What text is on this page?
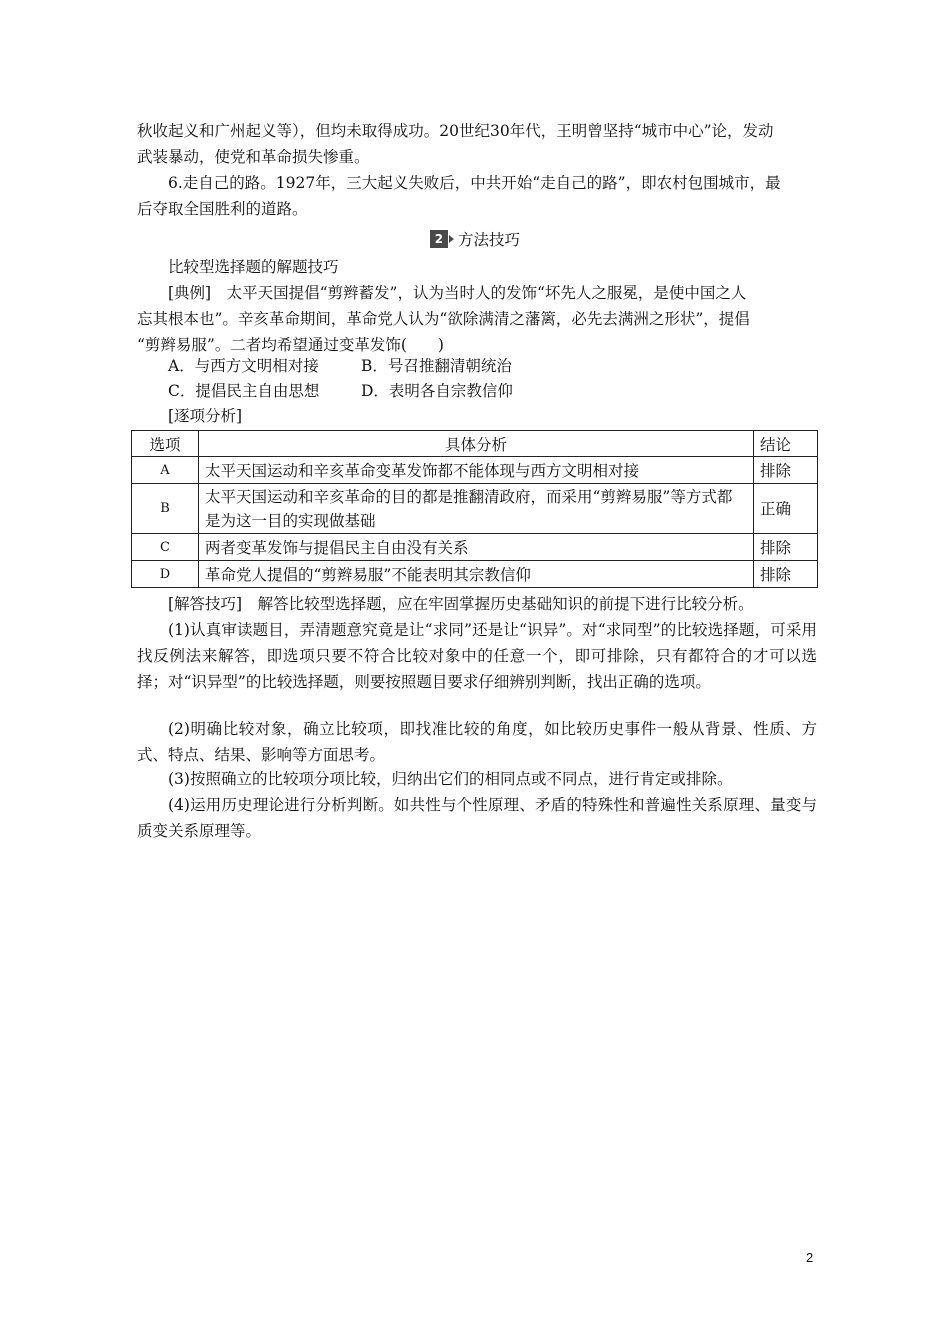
秋收起义和广州起义等），但均未取得成功。20世纪30年代，王明曾坚持“城市中心”论，发动
武装暴动，使党和革命损失惨重。
6.走自己的路。1927年，三大起义失败后，中共开始“走自己的路”，即农村包围城市，最
后夺取全国胜利的道路。
2 方法技巧
比较型选择题的解题技巧
[典例]　太平天国提倡“剪辫蓄发”，认为当时人的发饰“坏先人之服冕，是使中国之人
忘其根本也”。辛亥革命期间，革命党人认为“欲除满清之藩篱，必先去满洲之形状”，提倡
“剪辫易服”。二者均希望通过变革发饰(　　)
A．与西方文明相对接	B．号召推翻清朝统治
C．提倡民主自由思想	D．表明各自宗教信仰
[逐项分析]
选项	具体分析	结论
A	太平天国运动和辛亥革命变革发饰都不能体现与西方文明相对接	排除
B	太平天国运动和辛亥革命的目的都是推翻清政府，而采用“剪辫易服”等方式都是为这一目的实现做基础	正确
C	两者变革发饰与提倡民主自由没有关系	排除
D	革命党人提倡的“剪辫易服”不能表明其宗教信仰	排除
[解答技巧]　解答比较型选择题，应在牢固掌握历史基础知识的前提下进行比较分析。
(1)认真审读题目，弄清题意究竟是让“求同”还是让“识异”。对“求同型”的比较选择题，可采用找反例法来解答，即选项只要不符合比较对象中的任意一个，即可排除，只有都符合的才可以选择；对“识异型”的比较选择题，则要按照题目要求仔细辨别判断，找出正确的选项。
(2)明确比较对象，确立比较项，即找准比较的角度，如比较历史事件一般从背景、性质、方式、特点、结果、影响等方面思考。
(3)按照确立的比较项分项比较，归纳出它们的相同点或不同点，进行肯定或排除。
(4)运用历史理论进行分析判断。如共性与个性原理、矛盾的特殊性和普遍性关系原理、量变与质变关系原理等。
2
